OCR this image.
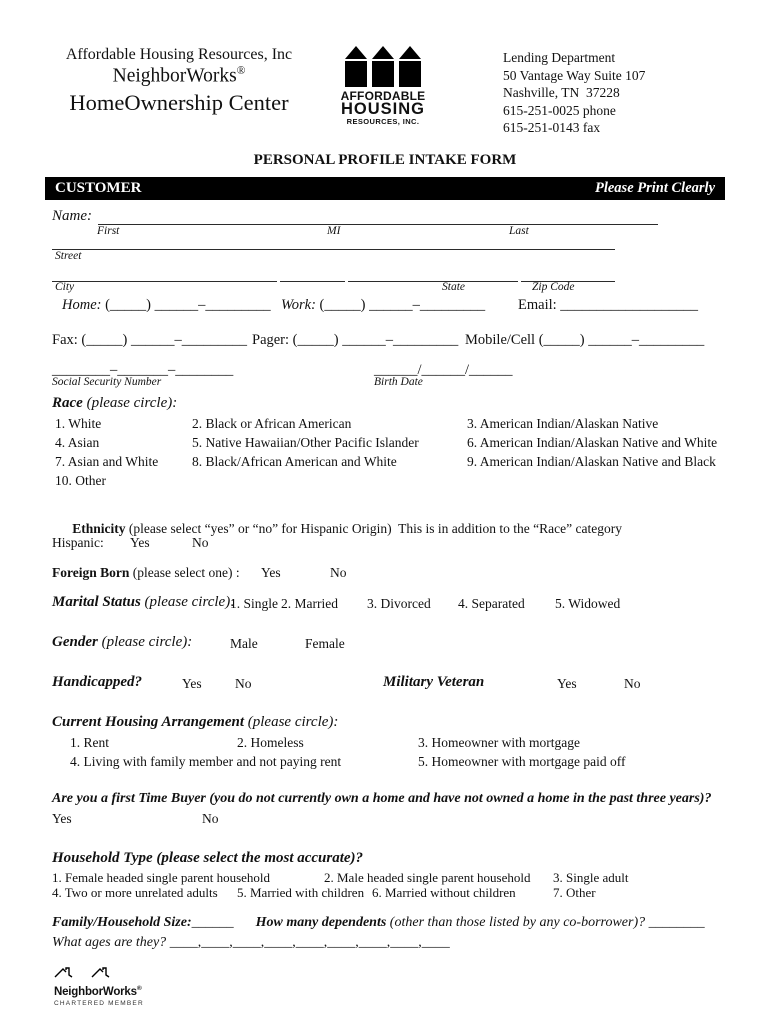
Affordable Housing Resources, Inc
NeighborWorks®
HomeOwnership Center	AFFORDABLE
HOUSING
RESOURCES, INC.
Lending Department
50 Vantage Way Suite 107
Nashville, TN  37228
615-251-0025 phone
615-251-0143 fax
PERSONAL PROFILE INTAKE FORM
CUSTOMER	Please Print Clearly
Name:
First	MI	Last
Street
City	State	Zip Code
Home: (_____) ______–_________ Work: (_____) ______–_________ Email: ___________________
Fax: (_____) ______–_________ Pager: (_____) ______–_________ Mobile/Cell (_____) ______–_________
________–_______–________	______/______/______
Social Security Number	Birth Date
Race (please circle):
1. White	2. Black or African American	3. American Indian/Alaskan Native
4. Asian	5. Native Hawaiian/Other Pacific Islander	6. American Indian/Alaskan Native and White
7. Asian and White	8. Black/African American and White	9. American Indian/Alaskan Native and Black
10. Other

Ethnicity (please select “yes” or “no” for Hispanic Origin)  This is in addition to the “Race” category

Hispanic: Yes	No
Foreign Born (please select one) : Yes	No
Marital Status (please circle):
1. Single 2. Married 3. Divorced 4. Separated 5. Widowed
Gender (please circle):	Male	Female
Handicapped?	Yes No	Military Veteran	Yes	No
Current Housing Arrangement (please circle):
1. Rent	2. Homeless	3. Homeowner with mortgage
4. Living with family member and not paying rent	5. Homeowner with mortgage paid off
Are you a first Time Buyer (you do not currently own a home and have not owned a home in the past three years)?
Yes	No
Household Type (please select the most accurate)?
1. Female headed single parent household	2. Male headed single parent household 3. Single adult
4. Two or more unrelated adults 5. Married with children 6. Married without children	7. Other
Family/Household Size:______ How many dependents (other than those listed by any co-borrower)? ________
What ages are they? ____,____,____,____,____,____,____,____,____
NeighborWorks®
CHARTERED MEMBER
